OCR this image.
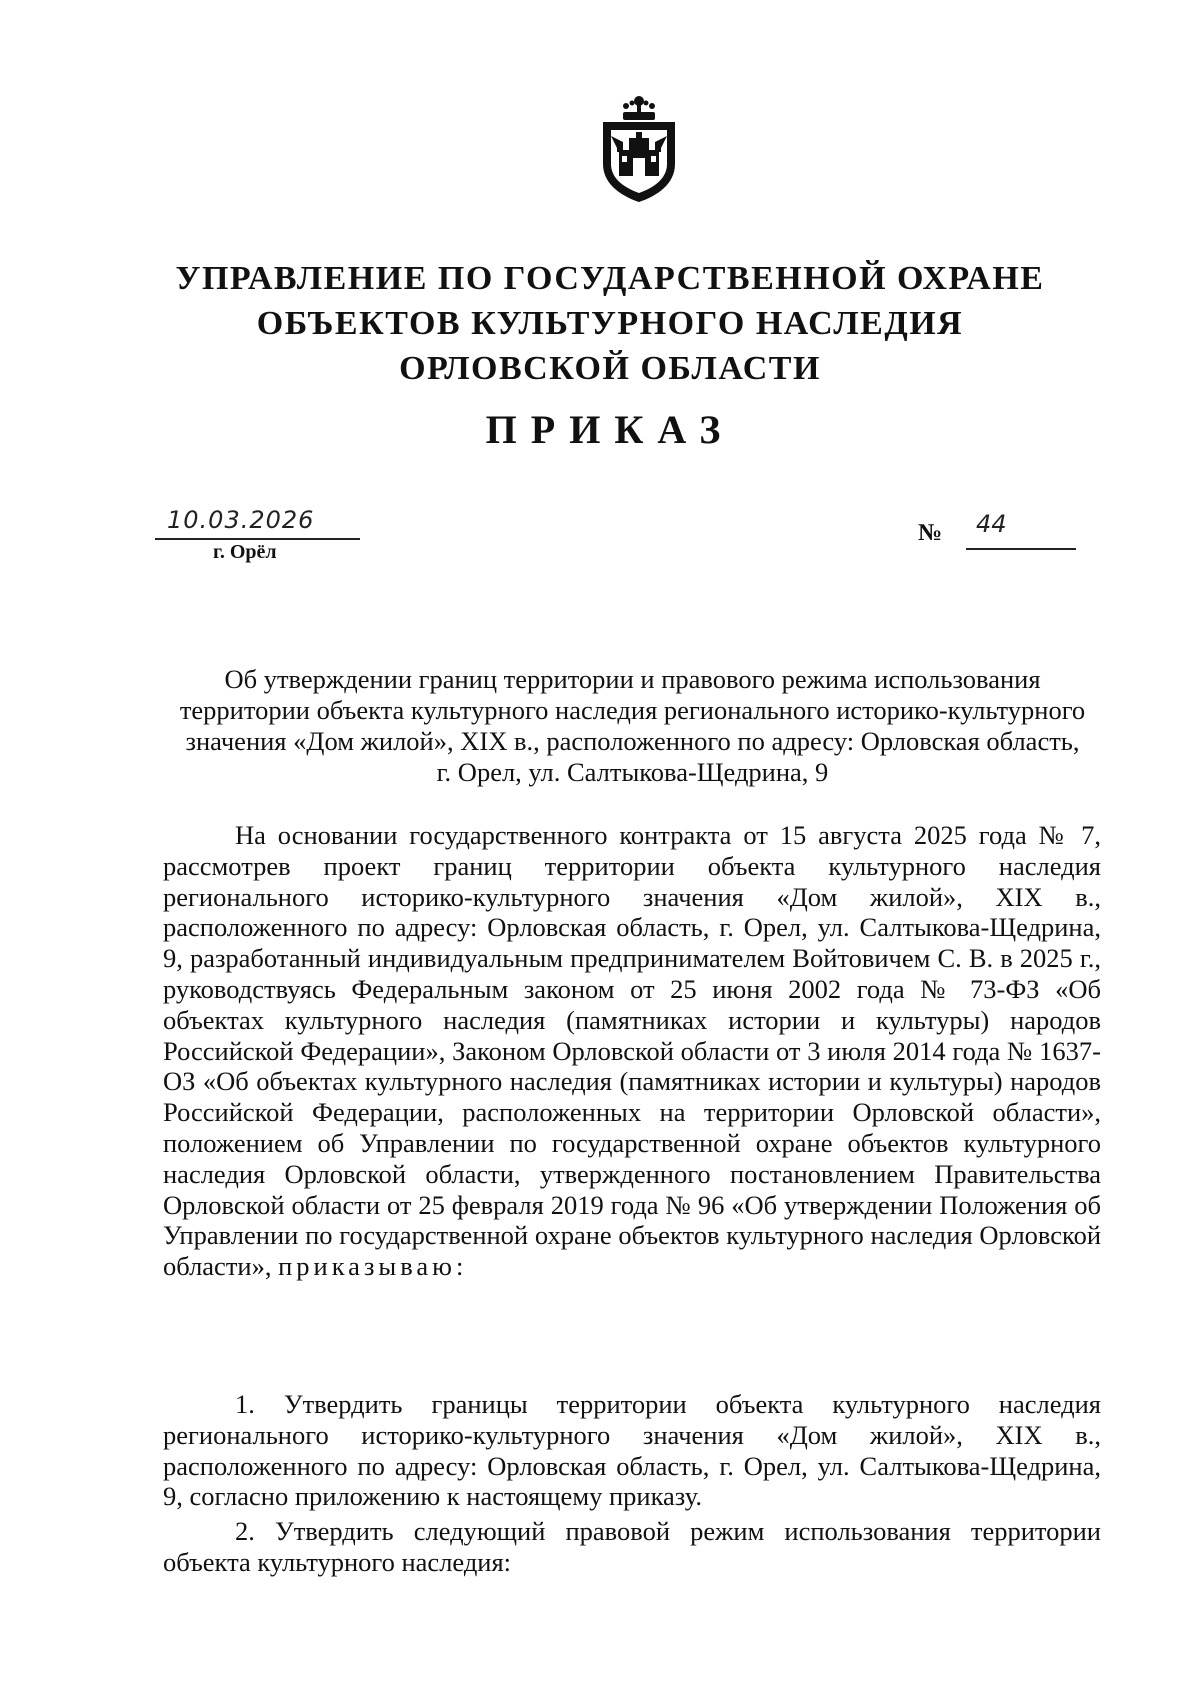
УПРАВЛЕНИЕ ПО ГОСУДАРСТВЕННОЙ ОХРАНЕ
ОБЪЕКТОВ КУЛЬТУРНОГО НАСЛЕДИЯ
ОРЛОВСКОЙ ОБЛАСТИ
ПРИКАЗ
10.03.2026
г. Орёл
№ 44

Об утверждении границ территории и правового режима использования
территории объекта культурного наследия регионального историко-культурного
значения «Дом жилой», XIX в., расположенного по адресу: Орловская область,
г. Орел, ул. Салтыкова-Щедрина, 9

На основании государственного контракта от 15 августа 2025 года № 7, рассмотрев проект границ территории объекта культурного наследия регионального историко-культурного значения «Дом жилой», XIX в., расположенного по адресу: Орловская область, г. Орел, ул. Салтыкова-Щедрина, 9, разработанный индивидуальным предпринимателем Войтовичем С. В. в 2025 г., руководствуясь Федеральным законом от 25 июня 2002 года № 73-ФЗ «Об объектах культурного наследия (памятниках истории и культуры) народов Российской Федерации», Законом Орловской области от 3 июля 2014 года № 1637-ОЗ «Об объектах культурного наследия (памятниках истории и культуры) народов Российской Федерации, расположенных на территории Орловской области», положением об Управлении по государственной охране объектов культурного наследия Орловской области, утвержденного постановлением Правительства Орловской области от 25 февраля 2019 года № 96 «Об утверждении Положения об Управлении по государственной охране объектов культурного наследия Орловской области», приказываю:

1. Утвердить границы территории объекта культурного наследия регионального историко-культурного значения «Дом жилой», XIX в., расположенного по адресу: Орловская область, г. Орел, ул. Салтыкова-Щедрина, 9, согласно приложению к настоящему приказу.

2. Утвердить следующий правовой режим использования территории объекта культурного наследия:
